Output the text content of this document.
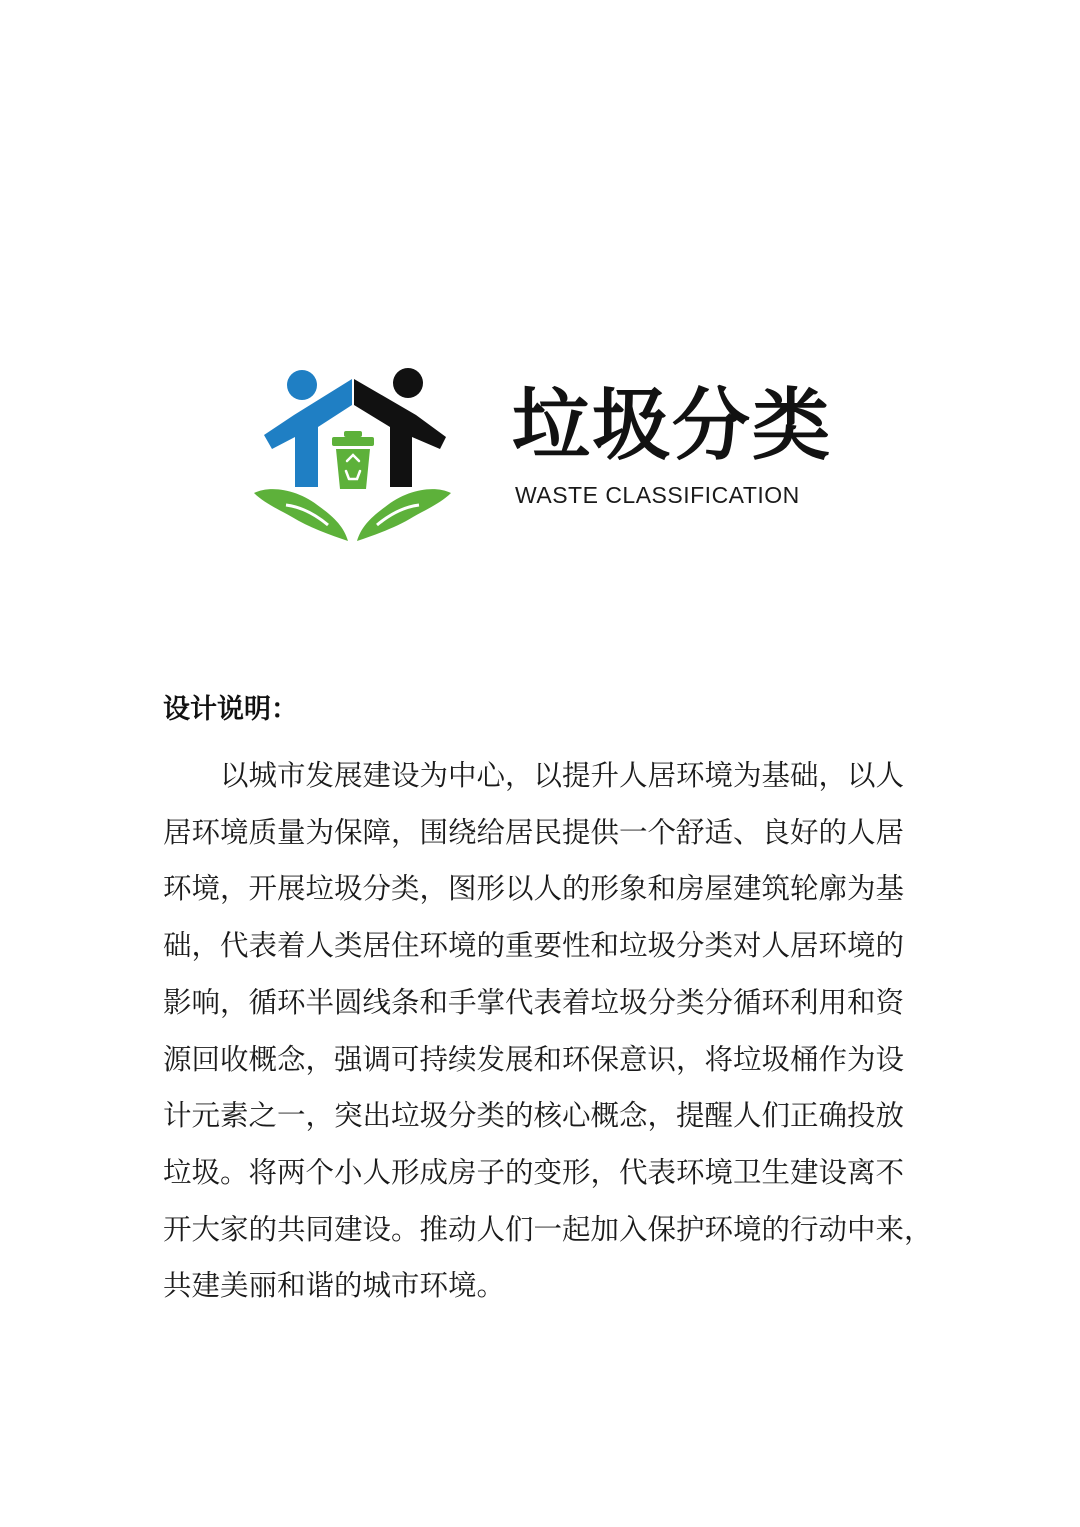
垃圾分类
WASTE CLASSIFICATION
设计说明：
　　以城市发展建设为中心，以提升人居环境为基础，以人
居环境质量为保障，围绕给居民提供一个舒适、良好的人居
环境，开展垃圾分类，图形以人的形象和房屋建筑轮廓为基
础，代表着人类居住环境的重要性和垃圾分类对人居环境的
影响，循环半圆线条和手掌代表着垃圾分类分循环利用和资
源回收概念，强调可持续发展和环保意识，将垃圾桶作为设
计元素之一，突出垃圾分类的核心概念，提醒人们正确投放
垃圾。将两个小人形成房子的变形，代表环境卫生建设离不
开大家的共同建设。推动人们一起加入保护环境的行动中来，
共建美丽和谐的城市环境。
